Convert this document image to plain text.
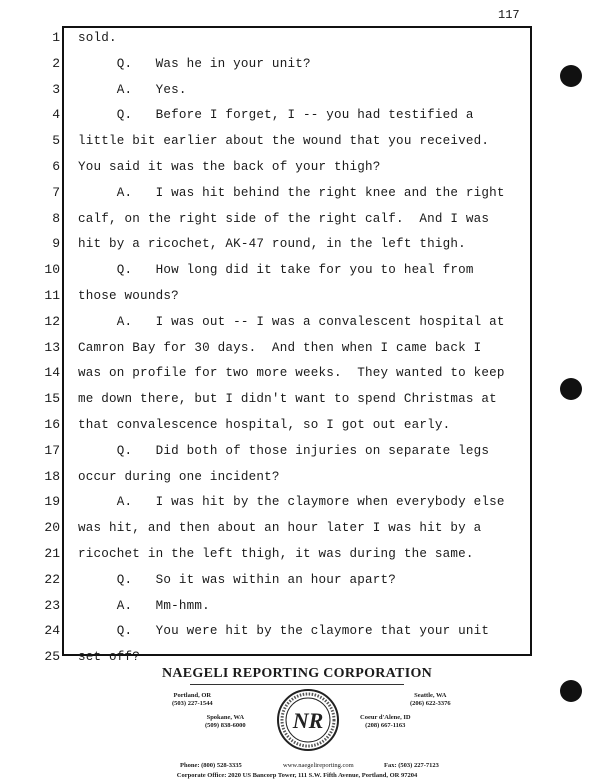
117
1 sold.
2 Q.   Was he in your unit?
3 A.   Yes.
4 Q.   Before I forget, I -- you had testified a
5 little bit earlier about the wound that you received.
6 You said it was the back of your thigh?
7 A.   I was hit behind the right knee and the right
8 calf, on the right side of the right calf.  And I was
9 hit by a ricochet, AK-47 round, in the left thigh.
10 Q.   How long did it take for you to heal from
11 those wounds?
12 A.   I was out -- I was a convalescent hospital at
13 Camron Bay for 30 days.  And then when I came back I
14 was on profile for two more weeks.  They wanted to keep
15 me down there, but I didn't want to spend Christmas at
16 that convalescence hospital, so I got out early.
17 Q.   Did both of those injuries on separate legs
18 occur during one incident?
19 A.   I was hit by the claymore when everybody else
20 was hit, and then about an hour later I was hit by a
21 ricochet in the left thigh, it was during the same.
22 Q.   So it was within an hour apart?
23 A.   Mm-hmm.
24 Q.   You were hit by the claymore that your unit
25 set off?
NAEGELI REPORTING CORPORATION
Portland, OR
(503) 227-1544
Seattle, WA
(206) 622-3376
Spokane, WA
(509) 838-6000
Coeur d'Alene, ID
(208) 667-1163
NR
Phone: (800) 528-3335	www.naegelireporting.com	Fax: (503) 227-7123
Corporate Office: 2020 US Bancorp Tower, 111 S.W. Fifth Avenue, Portland, OR 97204
